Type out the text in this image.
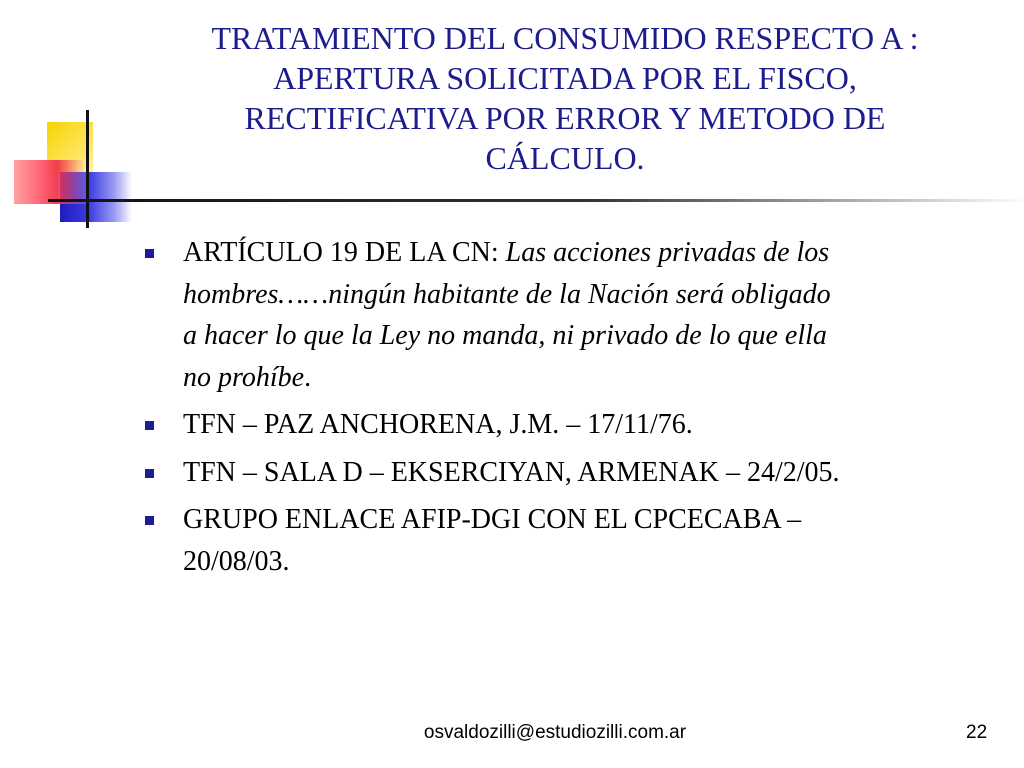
TRATAMIENTO DEL CONSUMIDO RESPECTO A :
APERTURA SOLICITADA POR EL FISCO,
RECTIFICATIVA POR ERROR Y METODO DE
CÁLCULO.
ARTÍCULO 19 DE LA CN: Las acciones privadas de los
hombres……ningún habitante de la Nación será obligado
a hacer lo que la Ley no manda, ni privado de lo que ella
no prohíbe.
TFN – PAZ ANCHORENA, J.M. – 17/11/76.
TFN – SALA D – EKSERCIYAN, ARMENAK – 24/2/05.
GRUPO ENLACE AFIP-DGI CON EL CPCECABA –
20/08/03.
osvaldozilli@estudiozilli.com.ar	22
